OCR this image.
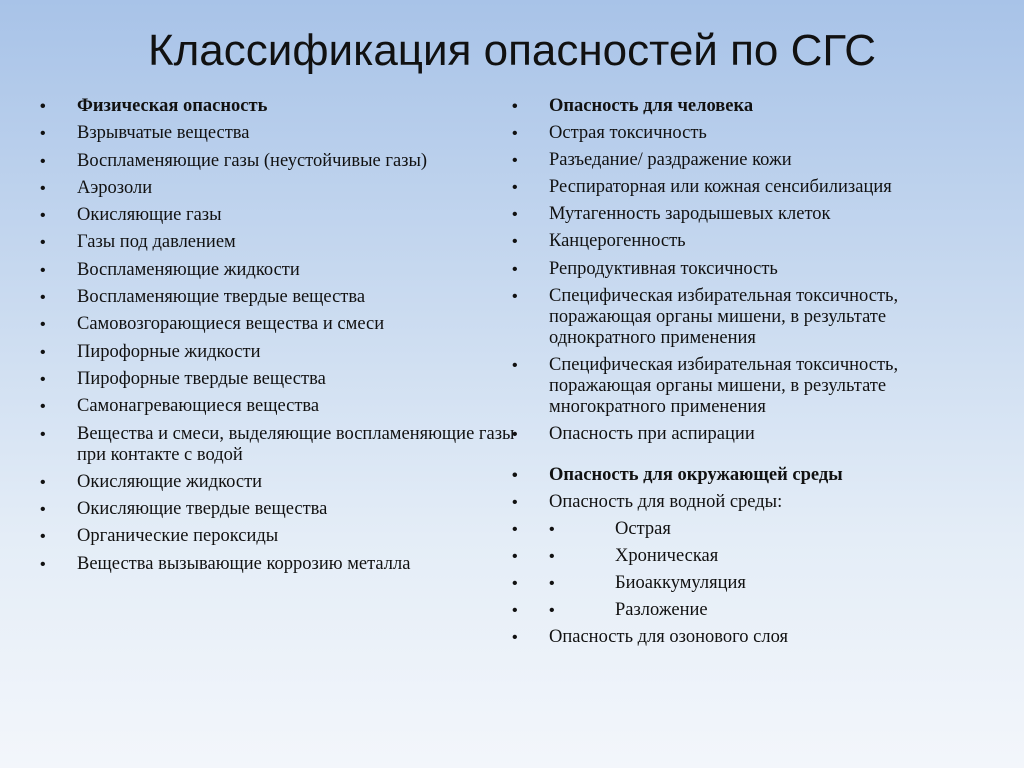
Классификация опасностей по СГС
• Физическая опасность
• Взрывчатые вещества
• Воспламеняющие газы (неустойчивые газы)
• Аэрозоли
• Окисляющие газы
• Газы под давлением
• Воспламеняющие жидкости
• Воспламеняющие твердые вещества
• Самовозгорающиеся вещества и смеси
• Пирофорные жидкости
• Пирофорные твердые вещества
• Самонагревающиеся вещества
• Вещества и смеси, выделяющие воспламеняющие газы при контакте с водой
• Окисляющие жидкости
• Окисляющие твердые вещества
• Органические пероксиды
• Вещества вызывающие коррозию металла
• Опасность для человека
• Острая токсичность
• Разъедание/ раздражение кожи
• Респираторная или кожная сенсибилизация
• Мутагенность зародышевых клеток
• Канцерогенность
• Репродуктивная токсичность
• Специфическая избирательная токсичность, поражающая органы мишени, в результате однократного применения
• Специфическая избирательная токсичность, поражающая органы мишени, в результате многократного применения
• Опасность при аспирации
• Опасность для окружающей среды
• Опасность для водной среды:
• •	Острая
• •	Хроническая
• •	Биоаккумуляция
• •	Разложение
• Опасность для озонового слоя
